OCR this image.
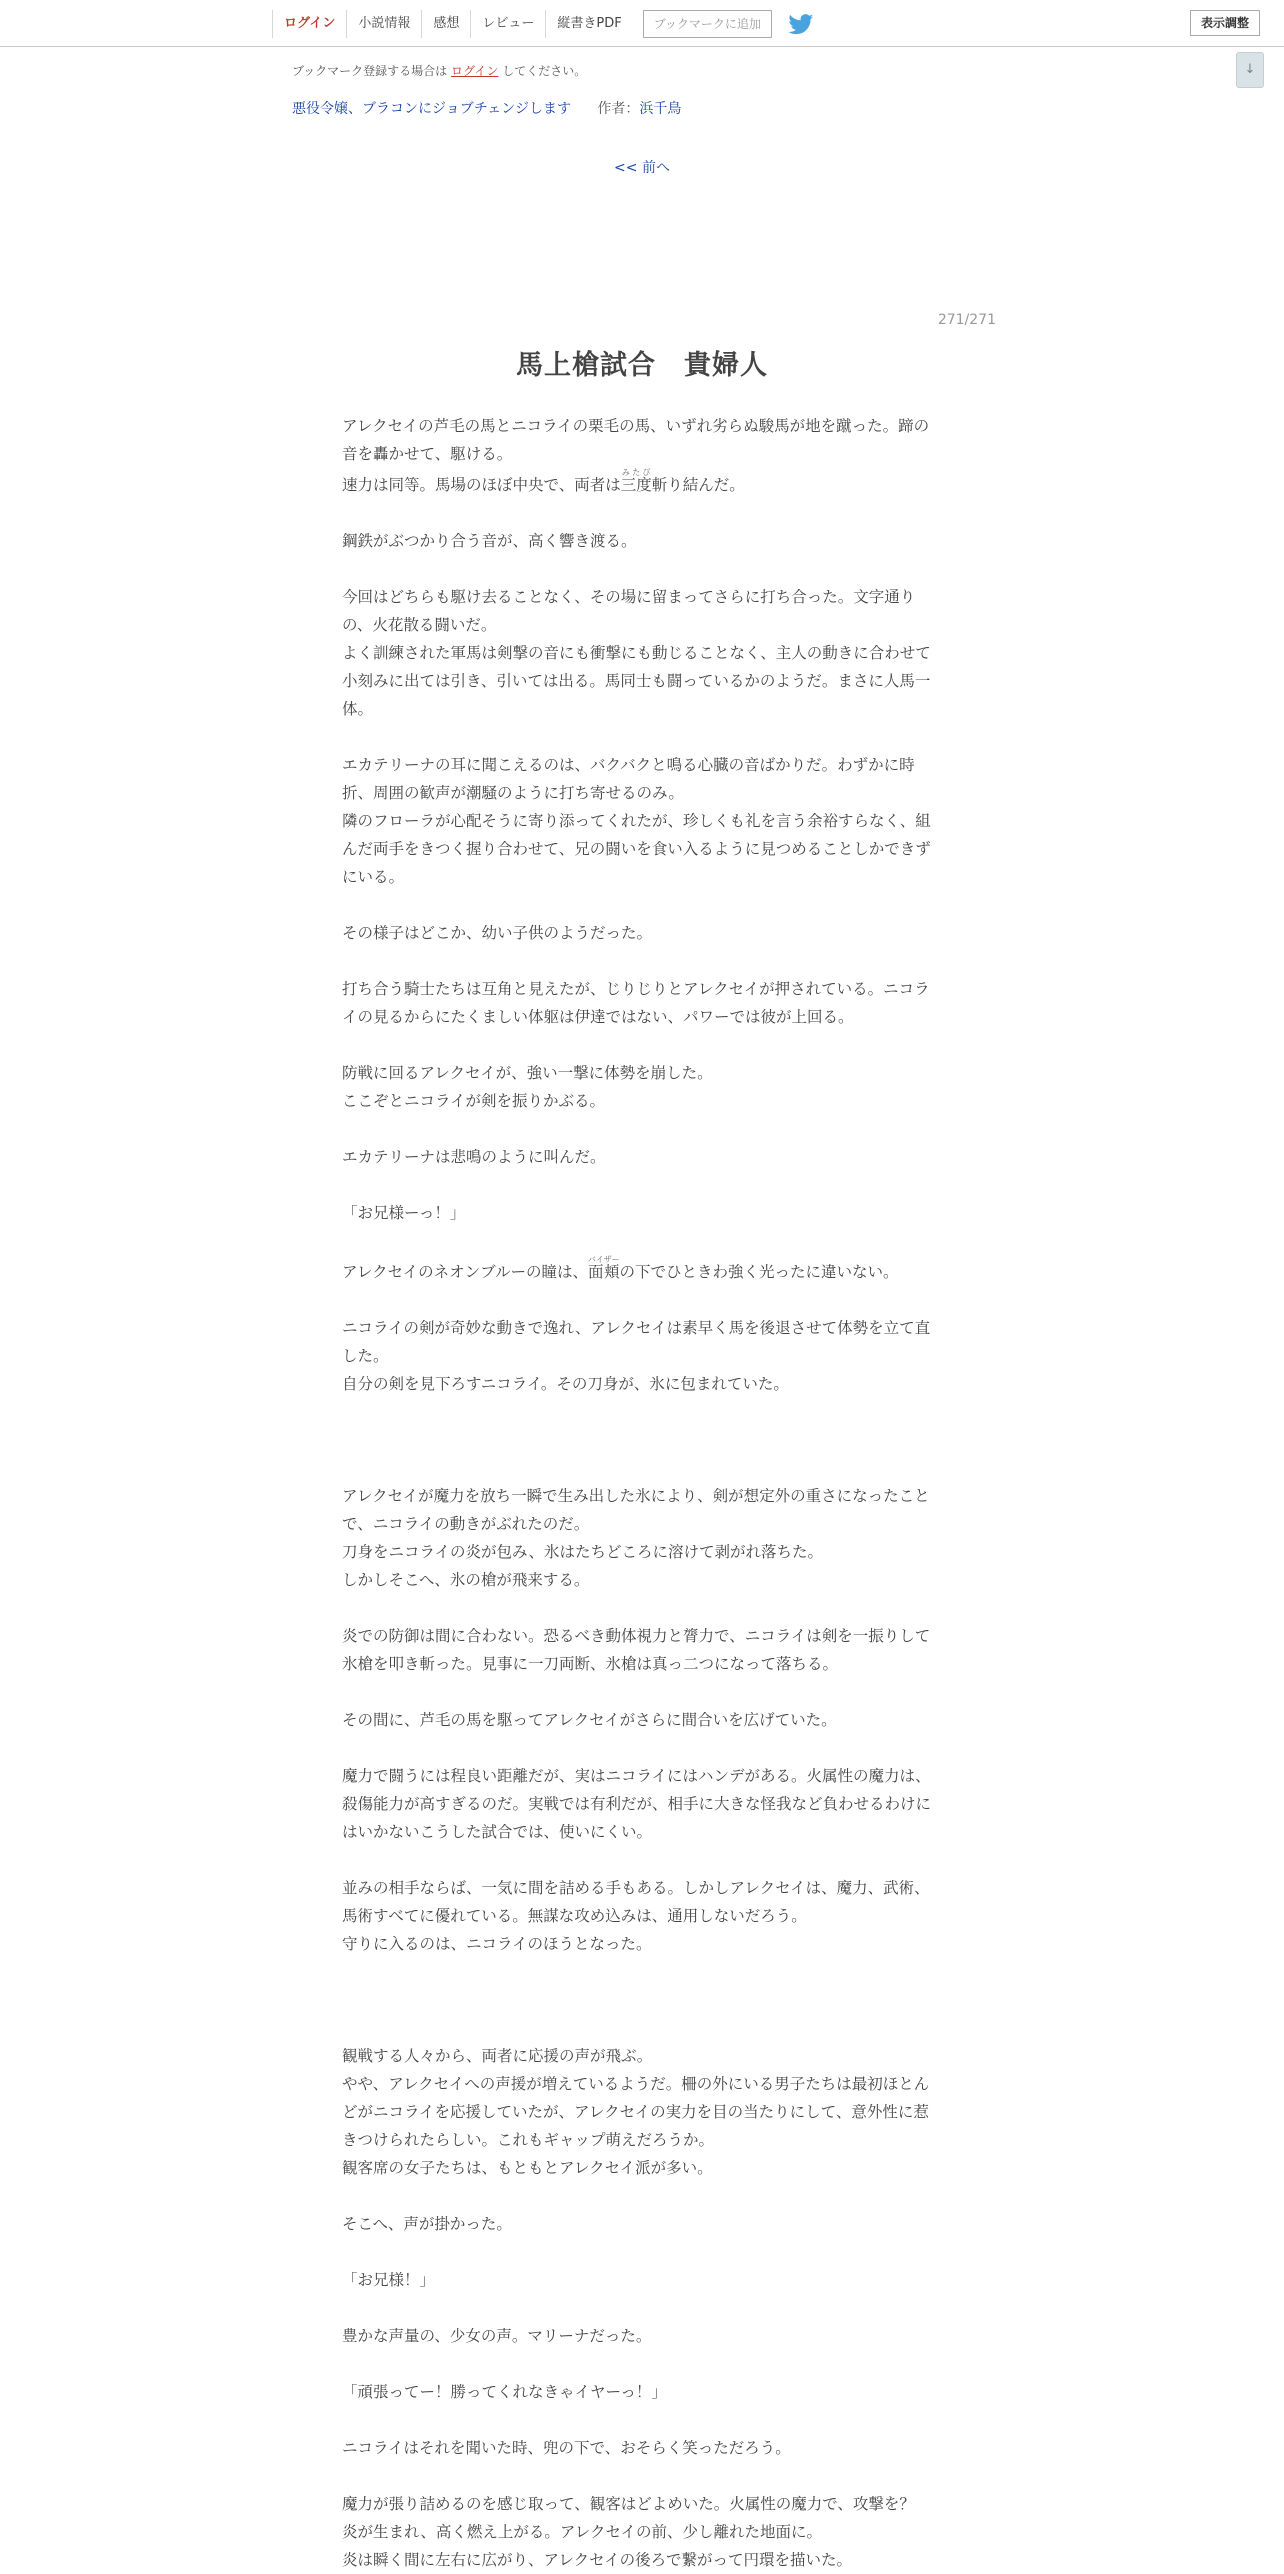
ログイン	小説情報	感想	レビュー	縦書きPDF	ブックマークに追加	表示調整
↓
ブックマーク登録する場合は ログイン してください。
悪役令嬢、ブラコンにジョブチェンジします 作者：浜千鳥
<< 前へ
271/271
馬上槍試合　貴婦人

アレクセイの芦毛の馬とニコライの栗毛の馬、いずれ劣らぬ駿馬が地を蹴った。蹄の音を轟かせて、駆ける。

速力は同等。馬場のほぼ中央で、両者は三度みたび斬り結んだ。

鋼鉄がぶつかり合う音が、高く響き渡る。

今回はどちらも駆け去ることなく、その場に留まってさらに打ち合った。文字通りの、火花散る闘いだ。

よく訓練された軍馬は剣撃の音にも衝撃にも動じることなく、主人の動きに合わせて小刻みに出ては引き、引いては出る。馬同士も闘っているかのようだ。まさに人馬一体。

エカテリーナの耳に聞こえるのは、バクバクと鳴る心臓の音ばかりだ。わずかに時折、周囲の歓声が潮騒のように打ち寄せるのみ。

隣のフローラが心配そうに寄り添ってくれたが、珍しくも礼を言う余裕すらなく、組んだ両手をきつく握り合わせて、兄の闘いを食い入るように見つめることしかできずにいる。

その様子はどこか、幼い子供のようだった。

打ち合う騎士たちは互角と見えたが、じりじりとアレクセイが押されている。ニコライの見るからにたくましい体躯は伊達ではない、パワーでは彼が上回る。

防戦に回るアレクセイが、強い一撃に体勢を崩した。

ここぞとニコライが剣を振りかぶる。

エカテリーナは悲鳴のように叫んだ。

「お兄様ーっ！」

アレクセイのネオンブルーの瞳は、面頬バイザーの下でひときわ強く光ったに違いない。

ニコライの剣が奇妙な動きで逸れ、アレクセイは素早く馬を後退させて体勢を立て直した。

自分の剣を見下ろすニコライ。その刀身が、氷に包まれていた。

アレクセイが魔力を放ち一瞬で生み出した氷により、剣が想定外の重さになったことで、ニコライの動きがぶれたのだ。

刀身をニコライの炎が包み、氷はたちどころに溶けて剥がれ落ちた。

しかしそこへ、氷の槍が飛来する。

炎での防御は間に合わない。恐るべき動体視力と膂力で、ニコライは剣を一振りして氷槍を叩き斬った。見事に一刀両断、氷槍は真っ二つになって落ちる。

その間に、芦毛の馬を駆ってアレクセイがさらに間合いを広げていた。

魔力で闘うには程良い距離だが、実はニコライにはハンデがある。火属性の魔力は、殺傷能力が高すぎるのだ。実戦では有利だが、相手に大きな怪我など負わせるわけにはいかないこうした試合では、使いにくい。

並みの相手ならば、一気に間を詰める手もある。しかしアレクセイは、魔力、武術、馬術すべてに優れている。無謀な攻め込みは、通用しないだろう。

守りに入るのは、ニコライのほうとなった。

観戦する人々から、両者に応援の声が飛ぶ。

やや、アレクセイへの声援が増えているようだ。柵の外にいる男子たちは最初ほとんどがニコライを応援していたが、アレクセイの実力を目の当たりにして、意外性に惹きつけられたらしい。これもギャップ萌えだろうか。

観客席の女子たちは、もともとアレクセイ派が多い。

そこへ、声が掛かった。

「お兄様！」

豊かな声量の、少女の声。マリーナだった。

「頑張ってー！勝ってくれなきゃイヤーっ！」

ニコライはそれを聞いた時、兜の下で、おそらく笑っただろう。

魔力が張り詰めるのを感じ取って、観客はどよめいた。火属性の魔力で、攻撃を？

炎が生まれ、高く燃え上がる。アレクセイの前、少し離れた地面に。

炎は瞬く間に左右に広がり、アレクセイの後ろで繋がって円環を描いた。
